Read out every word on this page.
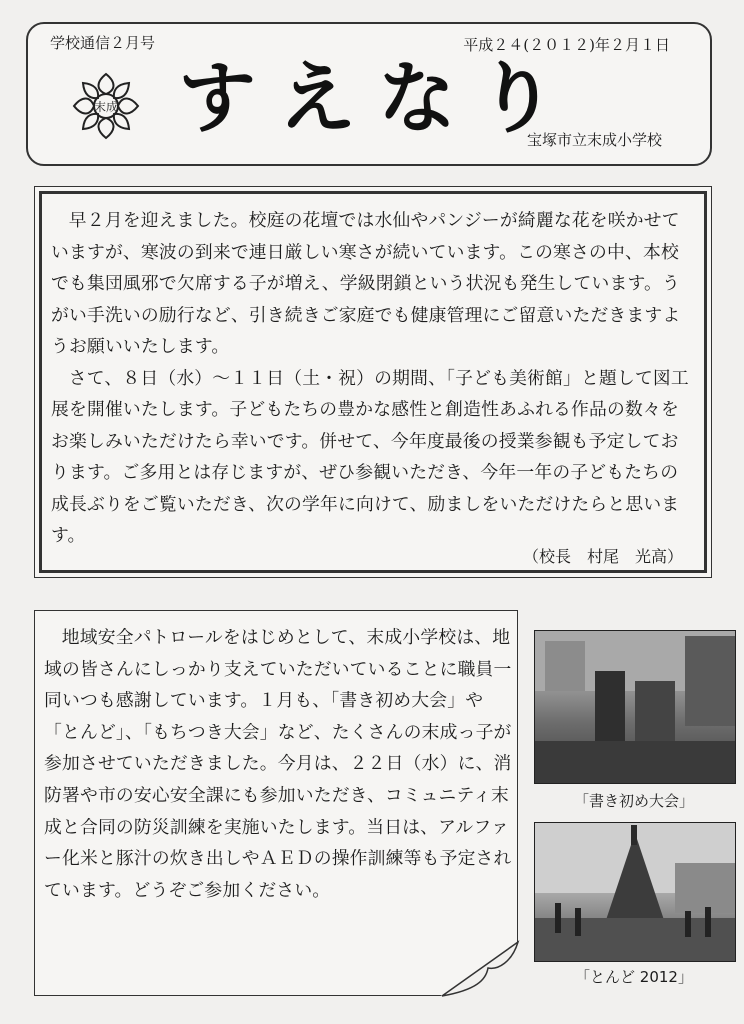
学校通信２月号	平成２４(２０１２)年２月１日
末成 すえなり
宝塚市立末成小学校

早２月を迎えました。校庭の花壇では水仙やパンジーが綺麗な花を咲かせていますが、寒波の到来で連日厳しい寒さが続いています。この寒さの中、本校でも集団風邪で欠席する子が増え、学級閉鎖という状況も発生しています。うがい手洗いの励行など、引き続きご家庭でも健康管理にご留意いただきますようお願いいたします。

さて、８日（水）～１１日（土・祝）の期間、「子ども美術館」と題して図工展を開催いたします。子どもたちの豊かな感性と創造性あふれる作品の数々をお楽しみいただけたら幸いです。併せて、今年度最後の授業参観も予定しております。ご多用とは存じますが、ぜひ参観いただき、今年一年の子どもたちの成長ぶりをご覧いただき、次の学年に向けて、励ましをいただけたらと思います。

（校長　村尾　光高）

地域安全パトロールをはじめとして、末成小学校は、地域の皆さんにしっかり支えていただいていることに職員一同いつも感謝しています。１月も、「書き初め大会」や「とんど」、「もちつき大会」など、たくさんの末成っ子が参加させていただきました。今月は、２２日（水）に、消防署や市の安心安全課にも参加いただき、コミュニティ末成と合同の防災訓練を実施いたします。当日は、アルファー化米と豚汁の炊き出しやＡＥＤの操作訓練等も予定されています。どうぞご参加ください。

「書き初め大会」
「とんど 2012」
